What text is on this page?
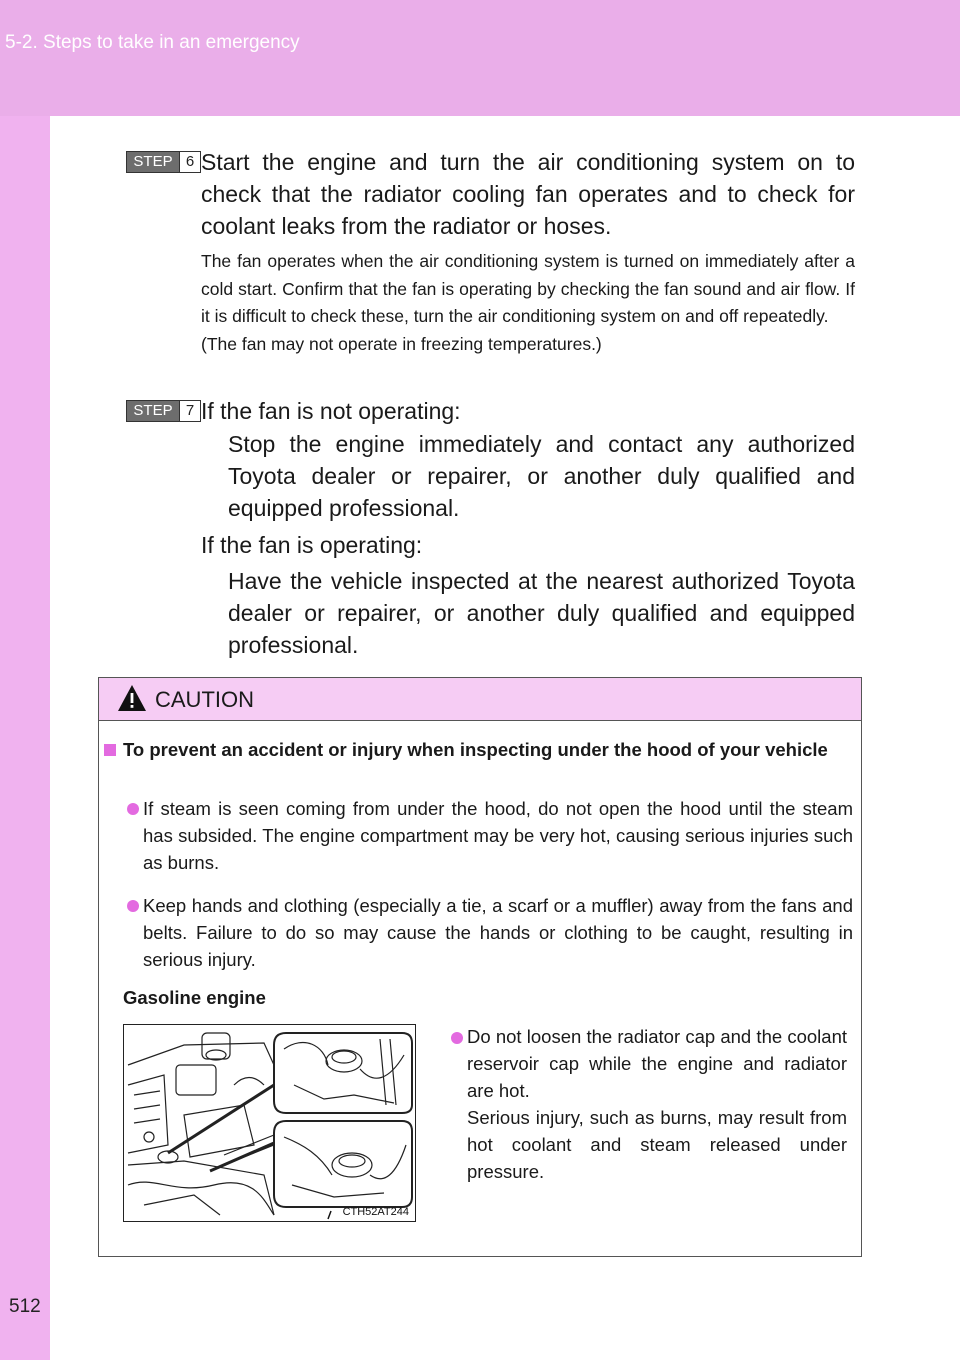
5-2. Steps to take in an emergency
512
STEP 6 Start the engine and turn the air conditioning system on to check that the radiator cooling fan operates and to check for coolant leaks from the radiator or hoses.

The fan operates when the air conditioning system is turned on immediately after a cold start. Confirm that the fan is operating by checking the fan sound and air flow. If it is difficult to check these, turn the air conditioning system on and off repeatedly.

(The fan may not operate in freezing temperatures.)

STEP 7 If the fan is not operating:
Stop the engine immediately and contact any authorized Toyota dealer or repairer, or another duly qualified and equipped professional.
If the fan is operating:
Have the vehicle inspected at the nearest authorized Toyota dealer or repairer, or another duly qualified and equipped professional.
CAUTION
To prevent an accident or injury when inspecting under the hood of your vehicle
If steam is seen coming from under the hood, do not open the hood until the steam has subsided. The engine compartment may be very hot, causing serious injuries such as burns.
Keep hands and clothing (especially a tie, a scarf or a muffler) away from the fans and belts. Failure to do so may cause the hands or clothing to be caught, resulting in serious injury.
Gasoline engine
Do not loosen the radiator cap and the coolant reservoir cap while the engine and radiator are hot.
Serious injury, such as burns, may result from hot coolant and steam released under pressure.
CTH52AT244
